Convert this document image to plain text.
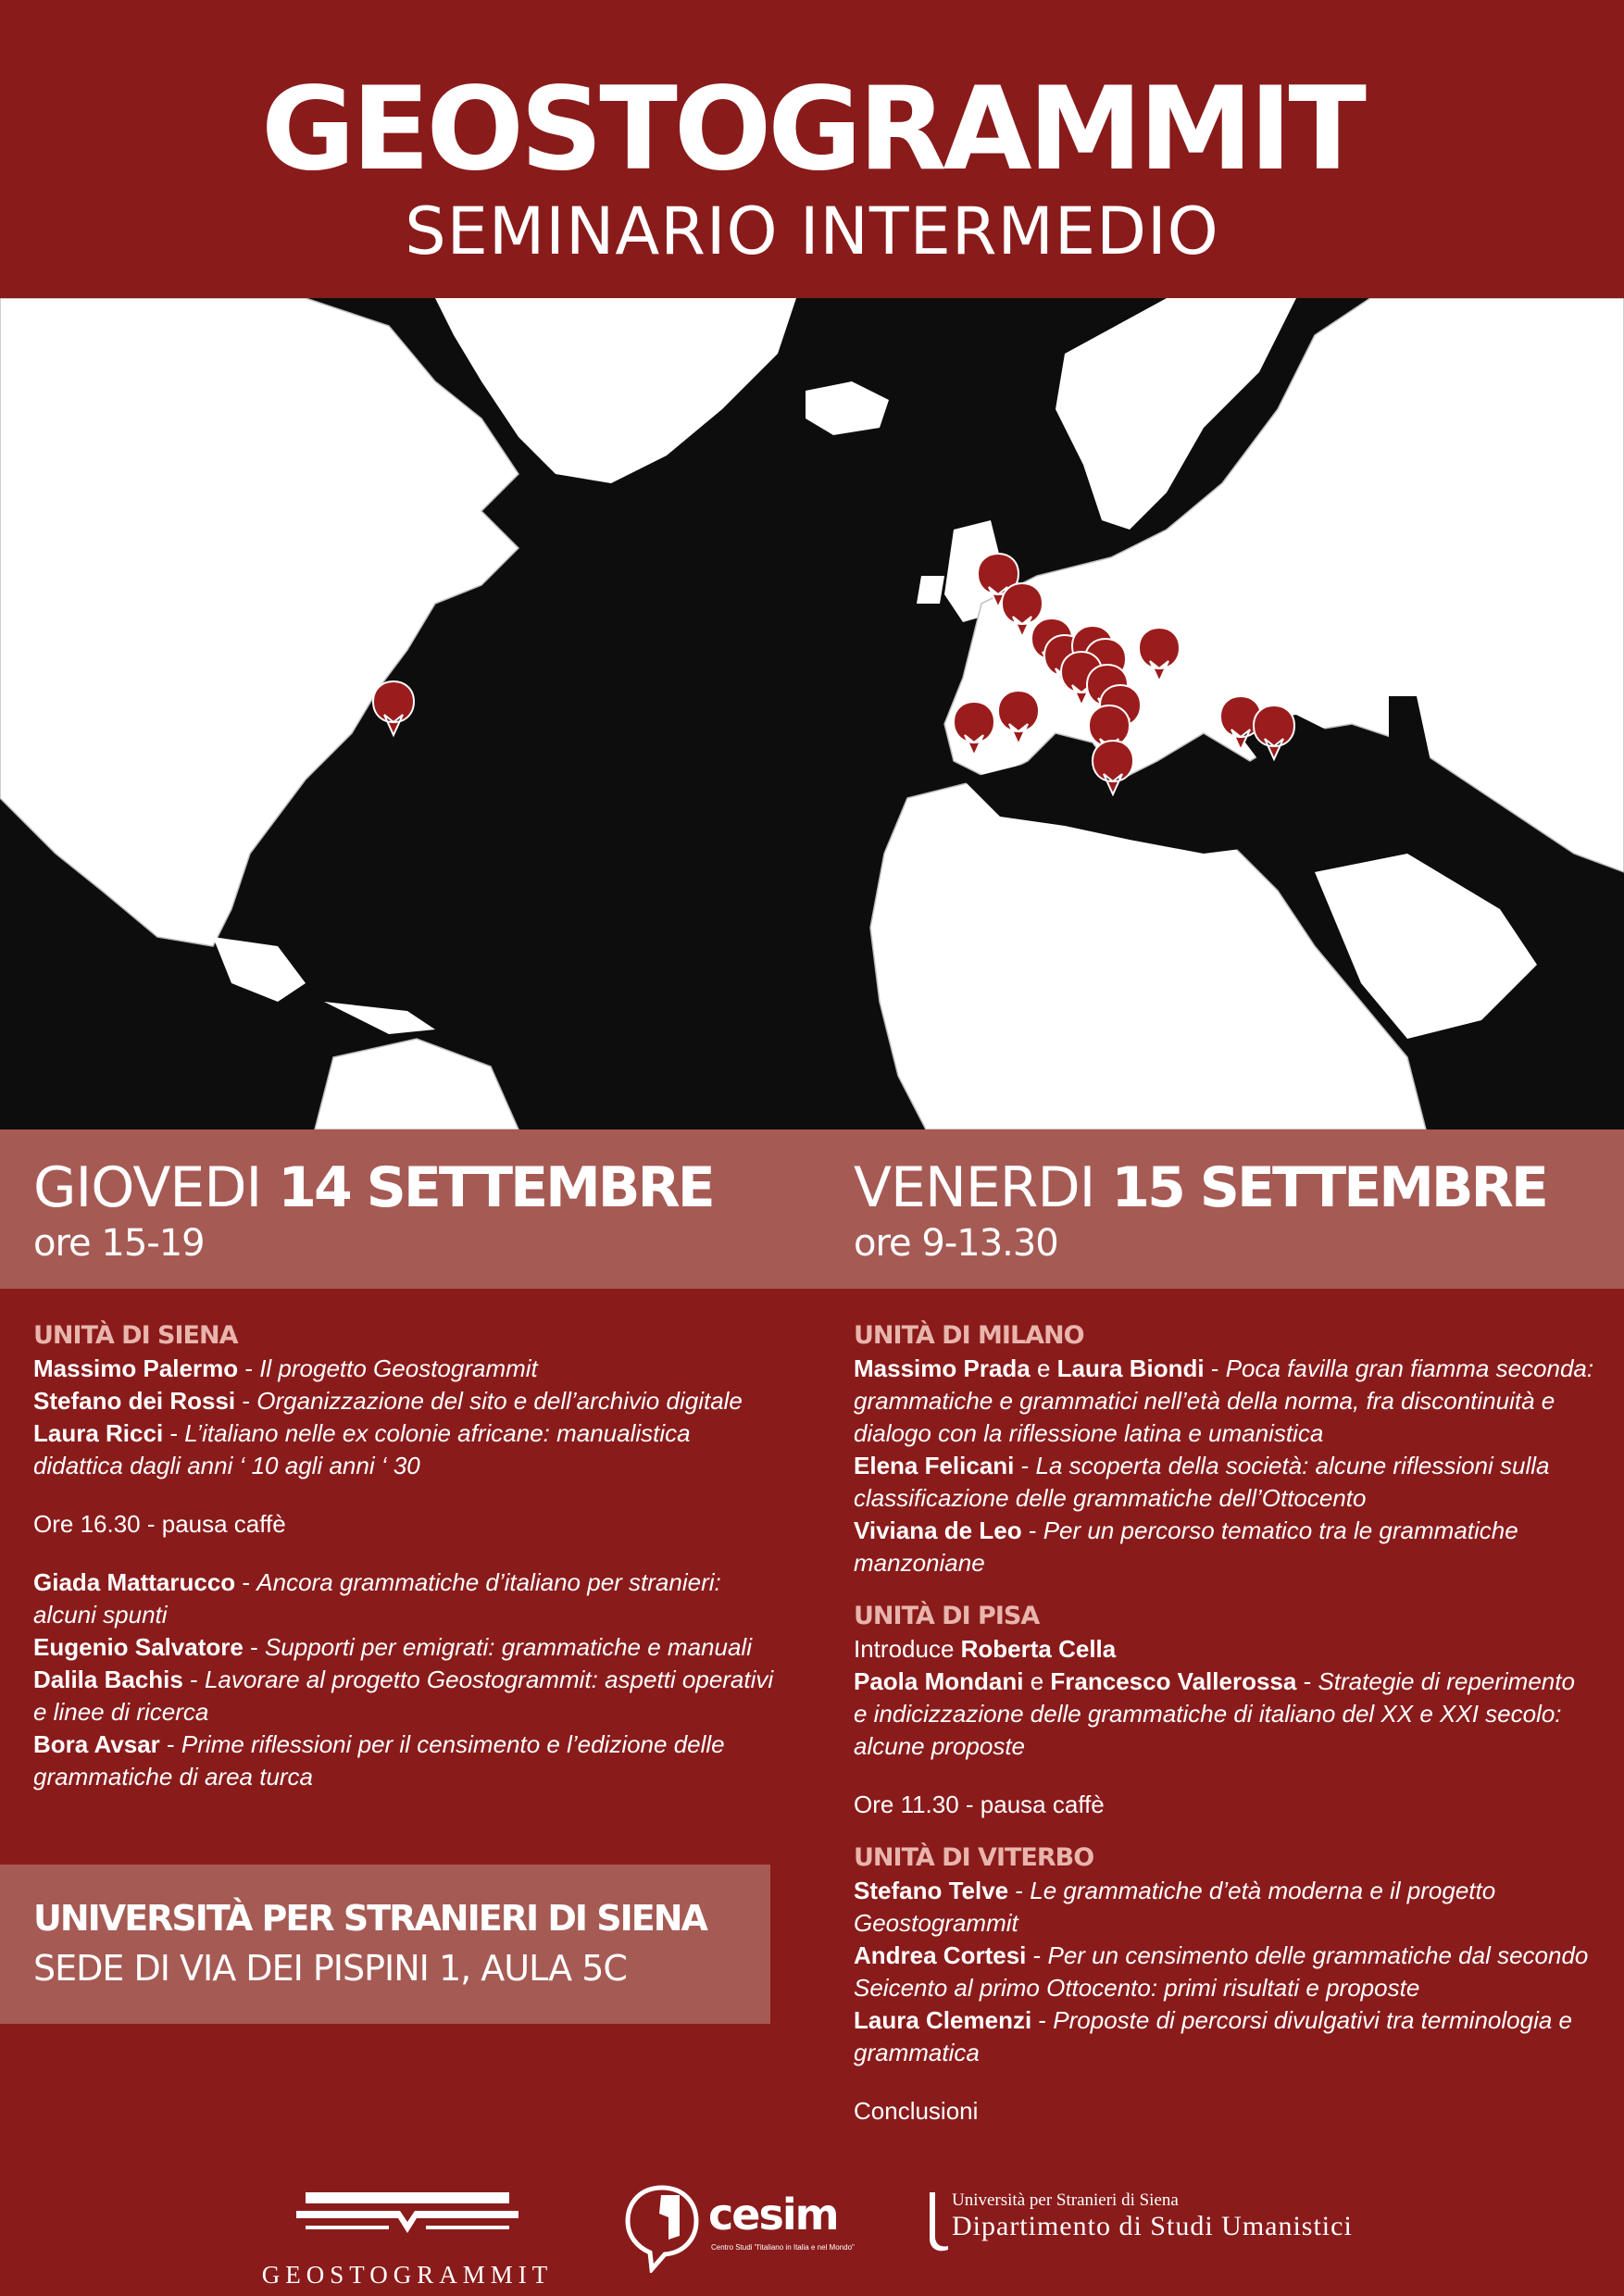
GEOSTOGRAMMIT
SEMINARIO INTERMEDIO
GIOVEDI 14 SETTEMBRE
ore 15-19
VENERDI 15 SETTEMBRE
ore 9-13.30

UNITÀ DI SIENA

Massimo Palermo - Il progetto Geostogrammit

Stefano dei Rossi - Organizzazione del sito e dell’archivio digitale

Laura Ricci - L’italiano nelle ex colonie africane: manualistica didattica dagli anni ‘ 10 agli anni ‘ 30

Ore 16.30 - pausa caffè

Giada Mattarucco - Ancora grammatiche d’italiano per stranieri: alcuni spunti

Eugenio Salvatore - Supporti per emigrati: grammatiche e manuali

Dalila Bachis - Lavorare al progetto Geostogrammit: aspetti operativi e linee di ricerca

Bora Avsar - Prime riflessioni per il censimento e l’edizione delle grammatiche di area turca

UNIVERSITÀ PER STRANIERI DI SIENA
SEDE DI VIA DEI PISPINI 1, AULA 5C

UNITÀ DI MILANO

Massimo Prada e Laura Biondi - Poca favilla gran fiamma seconda: grammatiche e grammatici nell’età della norma, fra discontinuità e dialogo con la riflessione latina e umanistica

Elena Felicani - La scoperta della società: alcune riflessioni sulla classificazione delle grammatiche dell’Ottocento

Viviana de Leo - Per un percorso tematico tra le grammatiche manzoniane

UNITÀ DI PISA

Introduce Roberta Cella

Paola Mondani e Francesco Vallerossa - Strategie di reperimento e indicizzazione delle grammatiche di italiano del XX e XXI secolo: alcune proposte

Ore 11.30 - pausa caffè

UNITÀ DI VITERBO

Stefano Telve - Le grammatiche d’età moderna e il progetto Geostogrammit

Andrea Cortesi - Per un censimento delle grammatiche dal secondo Seicento al primo Ottocento: primi risultati e proposte

Laura Clemenzi - Proposte di percorsi divulgativi tra terminologia e grammatica

Conclusioni

GEOSTOGRAMMIT
cesim
Centro Studi "l'italiano in Italia e nel Mondo"
Università per Stranieri di Siena
Dipartimento di Studi Umanistici
